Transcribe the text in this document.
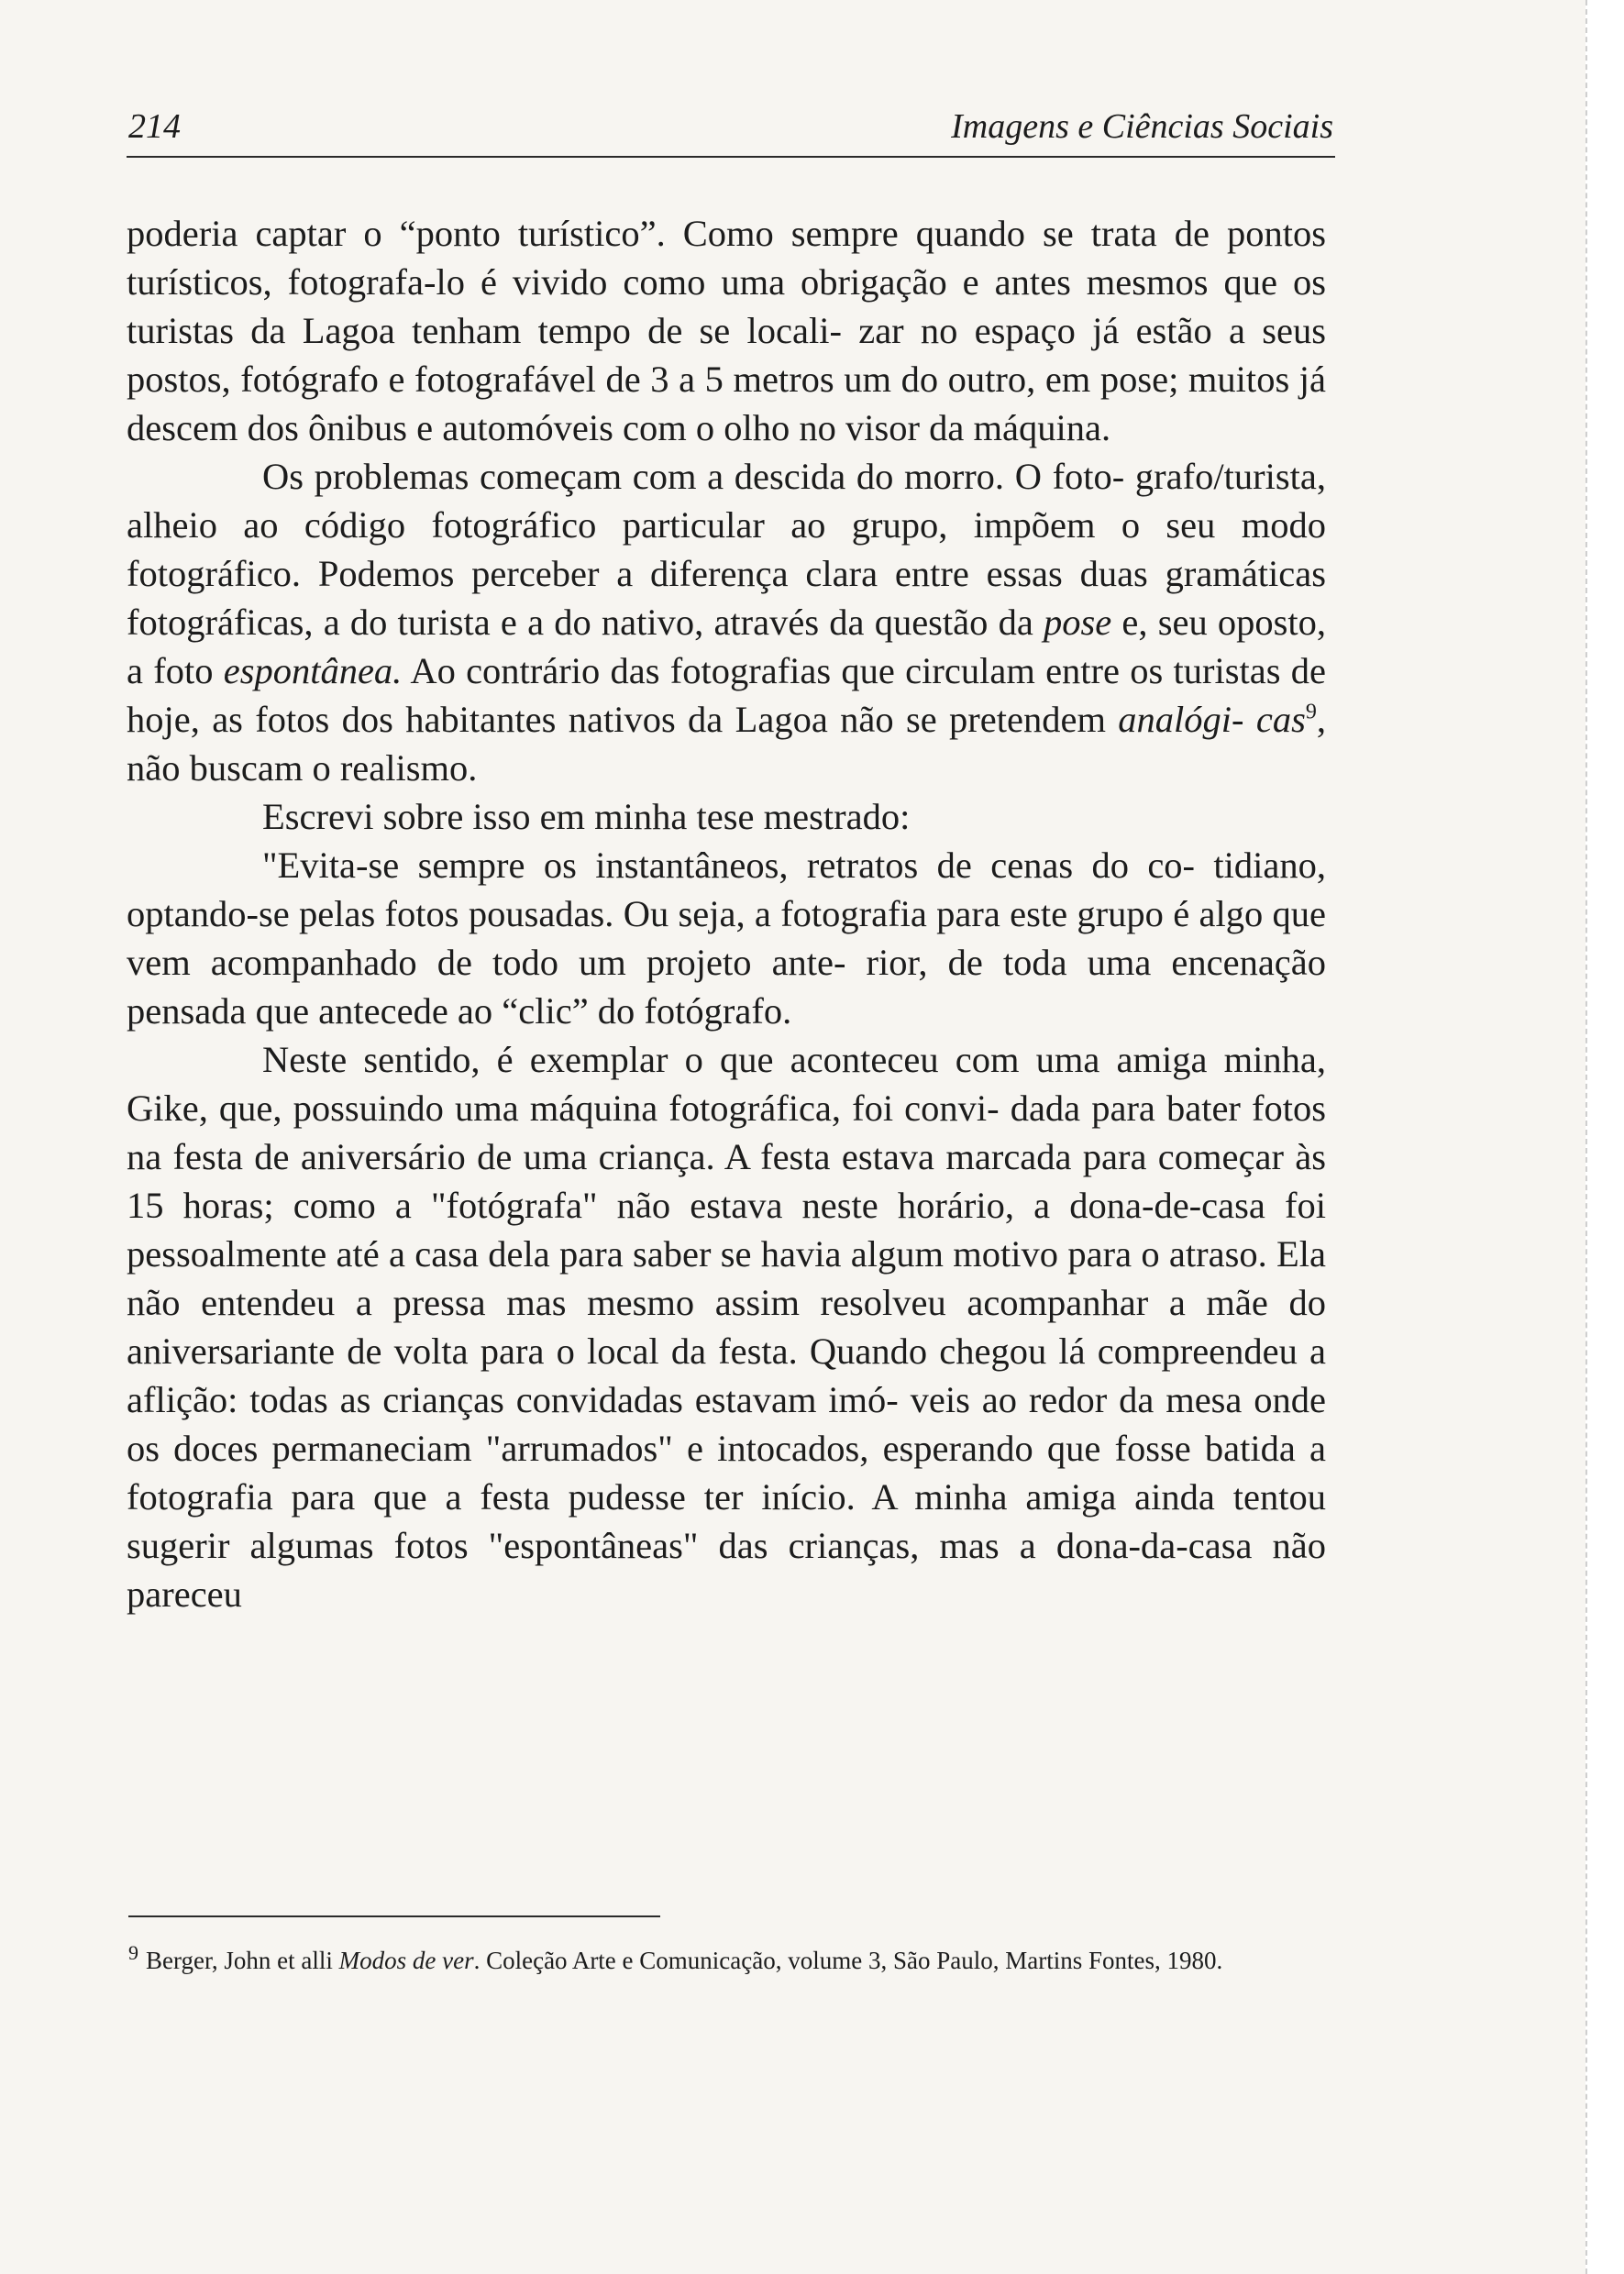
214	Imagens e Ciências Sociais

poderia captar o “ponto turístico”. Como sempre quando se trata de pontos turísticos, fotografa-lo é vivido como uma obrigação e antes mesmos que os turistas da Lagoa tenham tempo de se locali- zar no espaço já estão a seus postos, fotógrafo e fotografável de 3 a 5 metros um do outro, em pose; muitos já descem dos ônibus e automóveis com o olho no visor da máquina.

Os problemas começam com a descida do morro. O foto- grafo/turista, alheio ao código fotográfico particular ao grupo, impõem o seu modo fotográfico. Podemos perceber a diferença clara entre essas duas gramáticas fotográficas, a do turista e a do nativo, através da questão da pose e, seu oposto, a foto espontânea. Ao contrário das fotografias que circulam entre os turistas de hoje, as fotos dos habitantes nativos da Lagoa não se pretendem analógi- cas$^9$, não buscam o realismo.

Escrevi sobre isso em minha tese mestrado:

"Evita-se sempre os instantâneos, retratos de cenas do co- tidiano, optando-se pelas fotos pousadas. Ou seja, a fotografia para este grupo é algo que vem acompanhado de todo um projeto ante- rior, de toda uma encenação pensada que antecede ao “clic” do fotógrafo.

Neste sentido, é exemplar o que aconteceu com uma amiga minha, Gike, que, possuindo uma máquina fotográfica, foi convi- dada para bater fotos na festa de aniversário de uma criança. A festa estava marcada para começar às 15 horas; como a "fotógrafa" não estava neste horário, a dona-de-casa foi pessoalmente até a casa dela para saber se havia algum motivo para o atraso. Ela não entendeu a pressa mas mesmo assim resolveu acompanhar a mãe do aniversariante de volta para o local da festa. Quando chegou lá compreendeu a aflição: todas as crianças convidadas estavam imó- veis ao redor da mesa onde os doces permaneciam "arrumados" e intocados, esperando que fosse batida a fotografia para que a festa pudesse ter início. A minha amiga ainda tentou sugerir algumas fotos "espontâneas" das crianças, mas a dona-da-casa não pareceu

$^9$ Berger, John et alli Modos de ver. Coleção Arte e Comunicação, volume 3, São Paulo, Martins Fontes, 1980.
